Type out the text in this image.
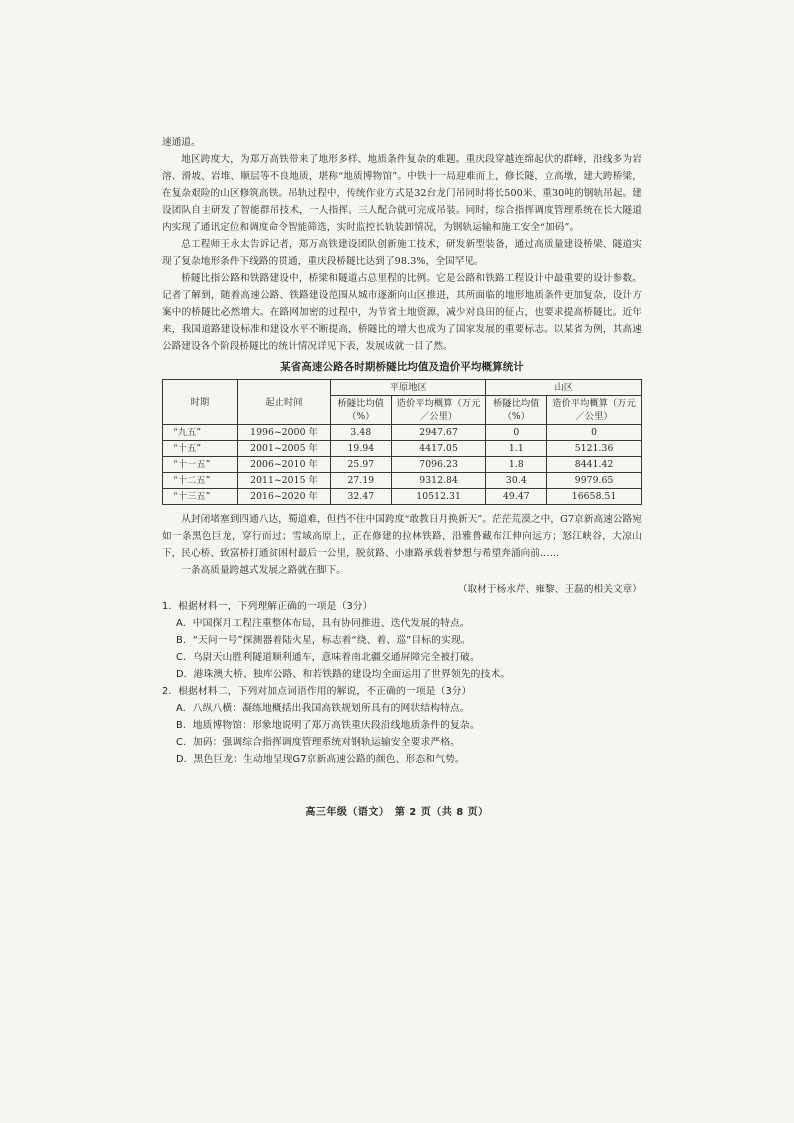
速通道。

地区跨度大，为郑万高铁带来了地形多样、地质条件复杂的难题。重庆段穿越连绵起伏的群峰，沿线多为岩溶、滑坡、岩堆、顺层等不良地质，堪称“地质博物馆”。中铁十一局迎难而上，修长隧，立高墩，建大跨桥梁，在复杂艰险的山区修筑高铁。吊轨过程中，传统作业方式是32台龙门吊同时将长500米、重30吨的钢轨吊起。建设团队自主研发了智能群吊技术，一人指挥、三人配合就可完成吊装。同时，综合指挥调度管理系统在长大隧道内实现了通讯定位和调度命令智能筛选，实时监控长轨装卸情况，为钢轨运输和施工安全“加码”。

总工程师王永太告诉记者，郑万高铁建设团队创新施工技术，研发新型装备，通过高质量建设桥梁、隧道实现了复杂地形条件下线路的贯通，重庆段桥隧比达到了98.3%，全国罕见。

桥隧比指公路和铁路建设中，桥梁和隧道占总里程的比例。它是公路和铁路工程设计中最重要的设计参数。记者了解到，随着高速公路、铁路建设范围从城市逐渐向山区推进，其所面临的地形地质条件更加复杂，设计方案中的桥隧比必然增大。在路网加密的过程中，为节省土地资源，减少对良田的征占，也要求提高桥隧比。近年来，我国道路建设标准和建设水平不断提高，桥隧比的增大也成为了国家发展的重要标志。以某省为例，其高速公路建设各个阶段桥隧比的统计情况详见下表，发展成就一目了然。

某省高速公路各时期桥隧比均值及造价平均概算统计
时期	起止时间	平原地区		山区	
		桥隧比均值（%）	造价平均概算（万元／公里）	桥隧比均值（%）	造价平均概算（万元／公里）
“九五”	1996~2000 年	3.48	2947.67	0	0
“十五”	2001~2005 年	19.94	4417.05	1.1	5121.36
“十一五”	2006~2010 年	25.97	7096.23	1.8	8441.42
“十二五”	2011~2015 年	27.19	9312.84	30.4	9979.65
“十三五”	2016~2020 年	32.47	10512.31	49.47	16658.51

从封闭堵塞到四通八达，蜀道难，但挡不住中国跨度“敢教日月换新天”。茫茫荒漠之中，G7京新高速公路宛如一条黑色巨龙，穿行而过；雪域高原上，正在修建的拉林铁路，沿雅鲁藏布江伸向远方；怒江峡谷，大凉山下，民心桥、致富桥打通贫困村最后一公里，脱贫路、小康路承载着梦想与希望奔涌向前……

一条高质量跨越式发展之路就在脚下。

（取材于杨永芹、雍黎、王磊的相关文章）

1．根据材料一，下列理解正确的一项是（3分）

A．中国探月工程注重整体布局，具有协同推进、迭代发展的特点。

B．“天问一号”探测器着陆火星，标志着“绕、着、巡”目标的实现。

C．乌尉天山胜利隧道顺利通车，意味着南北疆交通屏障完全被打破。

D．港珠澳大桥、独库公路、和若铁路的建设均全面运用了世界领先的技术。

2．根据材料二，下列对加点词语作用的解说，不正确的一项是（3分）

A．八纵八横：凝练地概括出我国高铁规划所具有的网状结构特点。

B．地质博物馆：形象地说明了郑万高铁重庆段沿线地质条件的复杂。

C．加码：强调综合指挥调度管理系统对钢轨运输安全要求严格。

D．黑色巨龙：生动地呈现G7京新高速公路的颜色、形态和气势。

高三年级（语文）　第 2 页（共 8 页）
